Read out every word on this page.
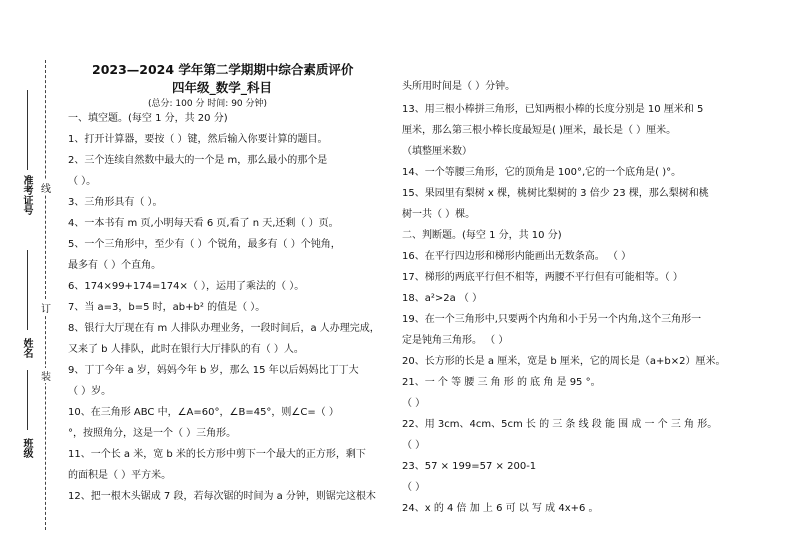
线
订
装
准考证号
姓名
班级
2023—2024 学年第二学期期中综合素质评价
四年级_数学_科目
(总分: 100 分 时间: 90 分钟)
一、填空题。(每空 1 分，共 20 分)
1、打开计算器，要按（ ）键，然后输入你要计算的题目。
2、三个连续自然数中最大的一个是 m，那么最小的那个是
（ ）。
3、三角形具有（ ）。
4、一本书有 m 页,小明每天看 6 页,看了 n 天,还剩（ ）页。
5、一个三角形中，至少有（ ）个锐角，最多有（ ）个钝角，
最多有（ ）个直角。
6、174×99+174=174×（ ），运用了乘法的（ ）。
7、当 a=3，b=5 时，ab+b² 的值是（ ）。
8、银行大厅现在有 m 人排队办理业务，一段时间后，a 人办理完成，
又来了 b 人排队，此时在银行大厅排队的有（ ）人。
9、丁丁今年 a 岁，妈妈今年 b 岁，那么 15 年以后妈妈比丁丁大
（ ）岁。
10、在三角形 ABC 中，∠A=60°，∠B=45°，则∠C=（ ）
°，按照角分，这是一个（ ）三角形。
11、一个长 a 米，宽 b 米的长方形中剪下一个最大的正方形，剩下
的面积是（ ）平方米。
12、把一根木头锯成 7 段，若每次锯的时间为 a 分钟，则锯完这根木
头所用时间是（ ）分钟。
13、用三根小棒拼三角形，已知两根小棒的长度分别是 10 厘米和 5
厘米，那么第三根小棒长度最短是( )厘米，最长是（ ）厘米。
（填整厘米数）
14、一个等腰三角形，它的顶角是 100°,它的一个底角是( )°。
15、果园里有梨树 x 棵，桃树比梨树的 3 倍少 23 棵，那么梨树和桃
树一共（ ）棵。
二、判断题。(每空 1 分，共 10 分)
16、在平行四边形和梯形内能画出无数条高。 （ ）
17、梯形的两底平行但不相等，两腰不平行但有可能相等。（ ）
18、a²>2a （ ）
19、在一个三角形中,只要两个内角和小于另一个内角,这个三角形一
定是钝角三角形。 （ ）
20、长方形的长是 a 厘米，宽是 b 厘米，它的周长是（a+b×2）厘米。
21、一 个 等 腰 三 角 形 的 底 角 是 95 °。
（ ）
22、用 3cm、4cm、5cm 长 的 三 条 线 段 能 围 成 一 个 三 角 形。
（ ）
23、57 × 199=57 × 200-1
（ ）
24、x 的 4 倍 加 上 6 可 以 写 成 4x+6 。
